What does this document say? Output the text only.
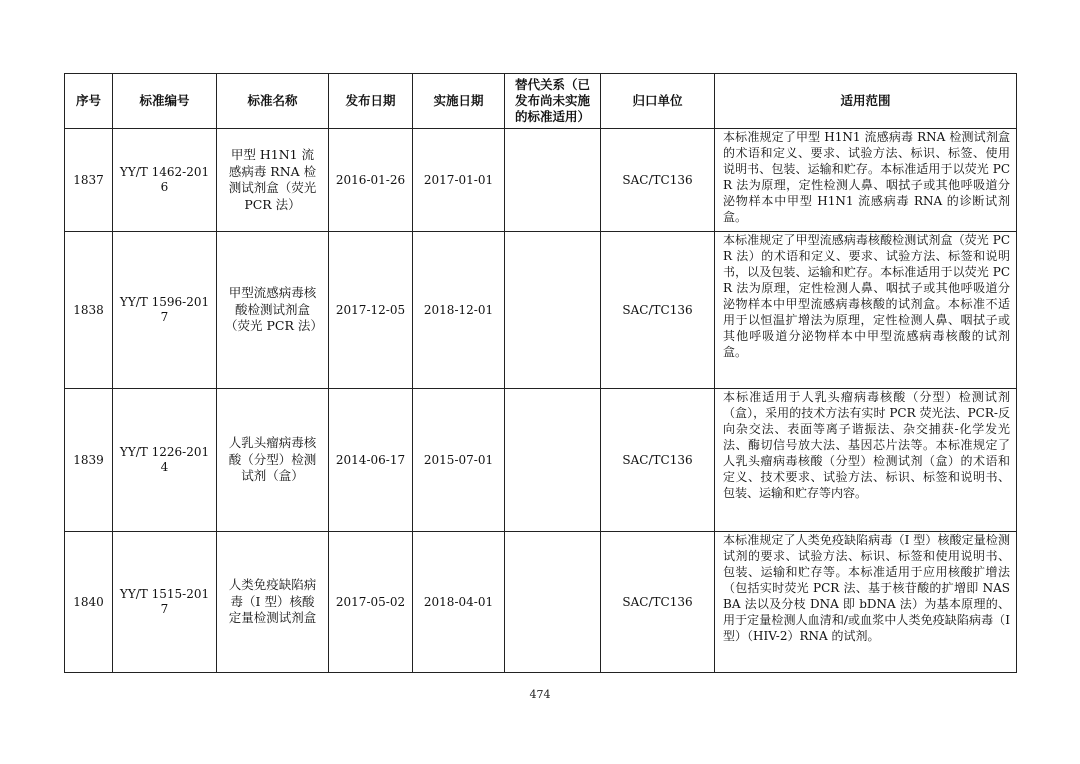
序号	标准编号	标准名称	发布日期	实施日期	替代关系（已发布尚未实施的标准适用）	归口单位	适用范围
1837	YY/T 1462-2016	甲型 H1N1 流感病毒 RNA 检测试剂盒（荧光 PCR 法）	2016-01-26	2017-01-01		SAC/TC136	本标准规定了甲型 H1N1 流感病毒 RNA 检测试剂盒的术语和定义、要求、试验方法、标识、标签、使用说明书、包装、运输和贮存。本标准适用于以荧光 PCR 法为原理，定性检测人鼻、咽拭子或其他呼吸道分泌物样本中甲型 H1N1 流感病毒 RNA 的诊断试剂盒。
1838	YY/T 1596-2017	甲型流感病毒核酸检测试剂盒（荧光 PCR 法）	2017-12-05	2018-12-01		SAC/TC136	本标准规定了甲型流感病毒核酸检测试剂盒（荧光 PCR 法）的术语和定义、要求、试验方法、标签和说明书，以及包装、运输和贮存。本标准适用于以荧光 PCR 法为原理，定性检测人鼻、咽拭子或其他呼吸道分泌物样本中甲型流感病毒核酸的试剂盒。本标准不适用于以恒温扩增法为原理，定性检测人鼻、咽拭子或其他呼吸道分泌物样本中甲型流感病毒核酸的试剂盒。
1839	YY/T 1226-2014	人乳头瘤病毒核酸（分型）检测试剂（盒）	2014-06-17	2015-07-01		SAC/TC136	本标准适用于人乳头瘤病毒核酸（分型）检测试剂（盒），采用的技术方法有实时 PCR 荧光法、PCR-反向杂交法、表面等离子谐振法、杂交捕获-化学发光法、酶切信号放大法、基因芯片法等。本标准规定了人乳头瘤病毒核酸（分型）检测试剂（盒）的术语和定义、技术要求、试验方法、标识、标签和说明书、包装、运输和贮存等内容。
1840	YY/T 1515-2017	人类免疫缺陷病毒（I 型）核酸定量检测试剂盒	2017-05-02	2018-04-01		SAC/TC136	本标准规定了人类免疫缺陷病毒（I 型）核酸定量检测试剂的要求、试验方法、标识、标签和使用说明书、包装、运输和贮存等。本标准适用于应用核酸扩增法（包括实时荧光 PCR 法、基于核苷酸的扩增即 NASBA 法以及分枝 DNA 即 bDNA 法）为基本原理的、用于定量检测人血清和/或血浆中人类免疫缺陷病毒（I 型）（HIV-2）RNA 的试剂。
474
